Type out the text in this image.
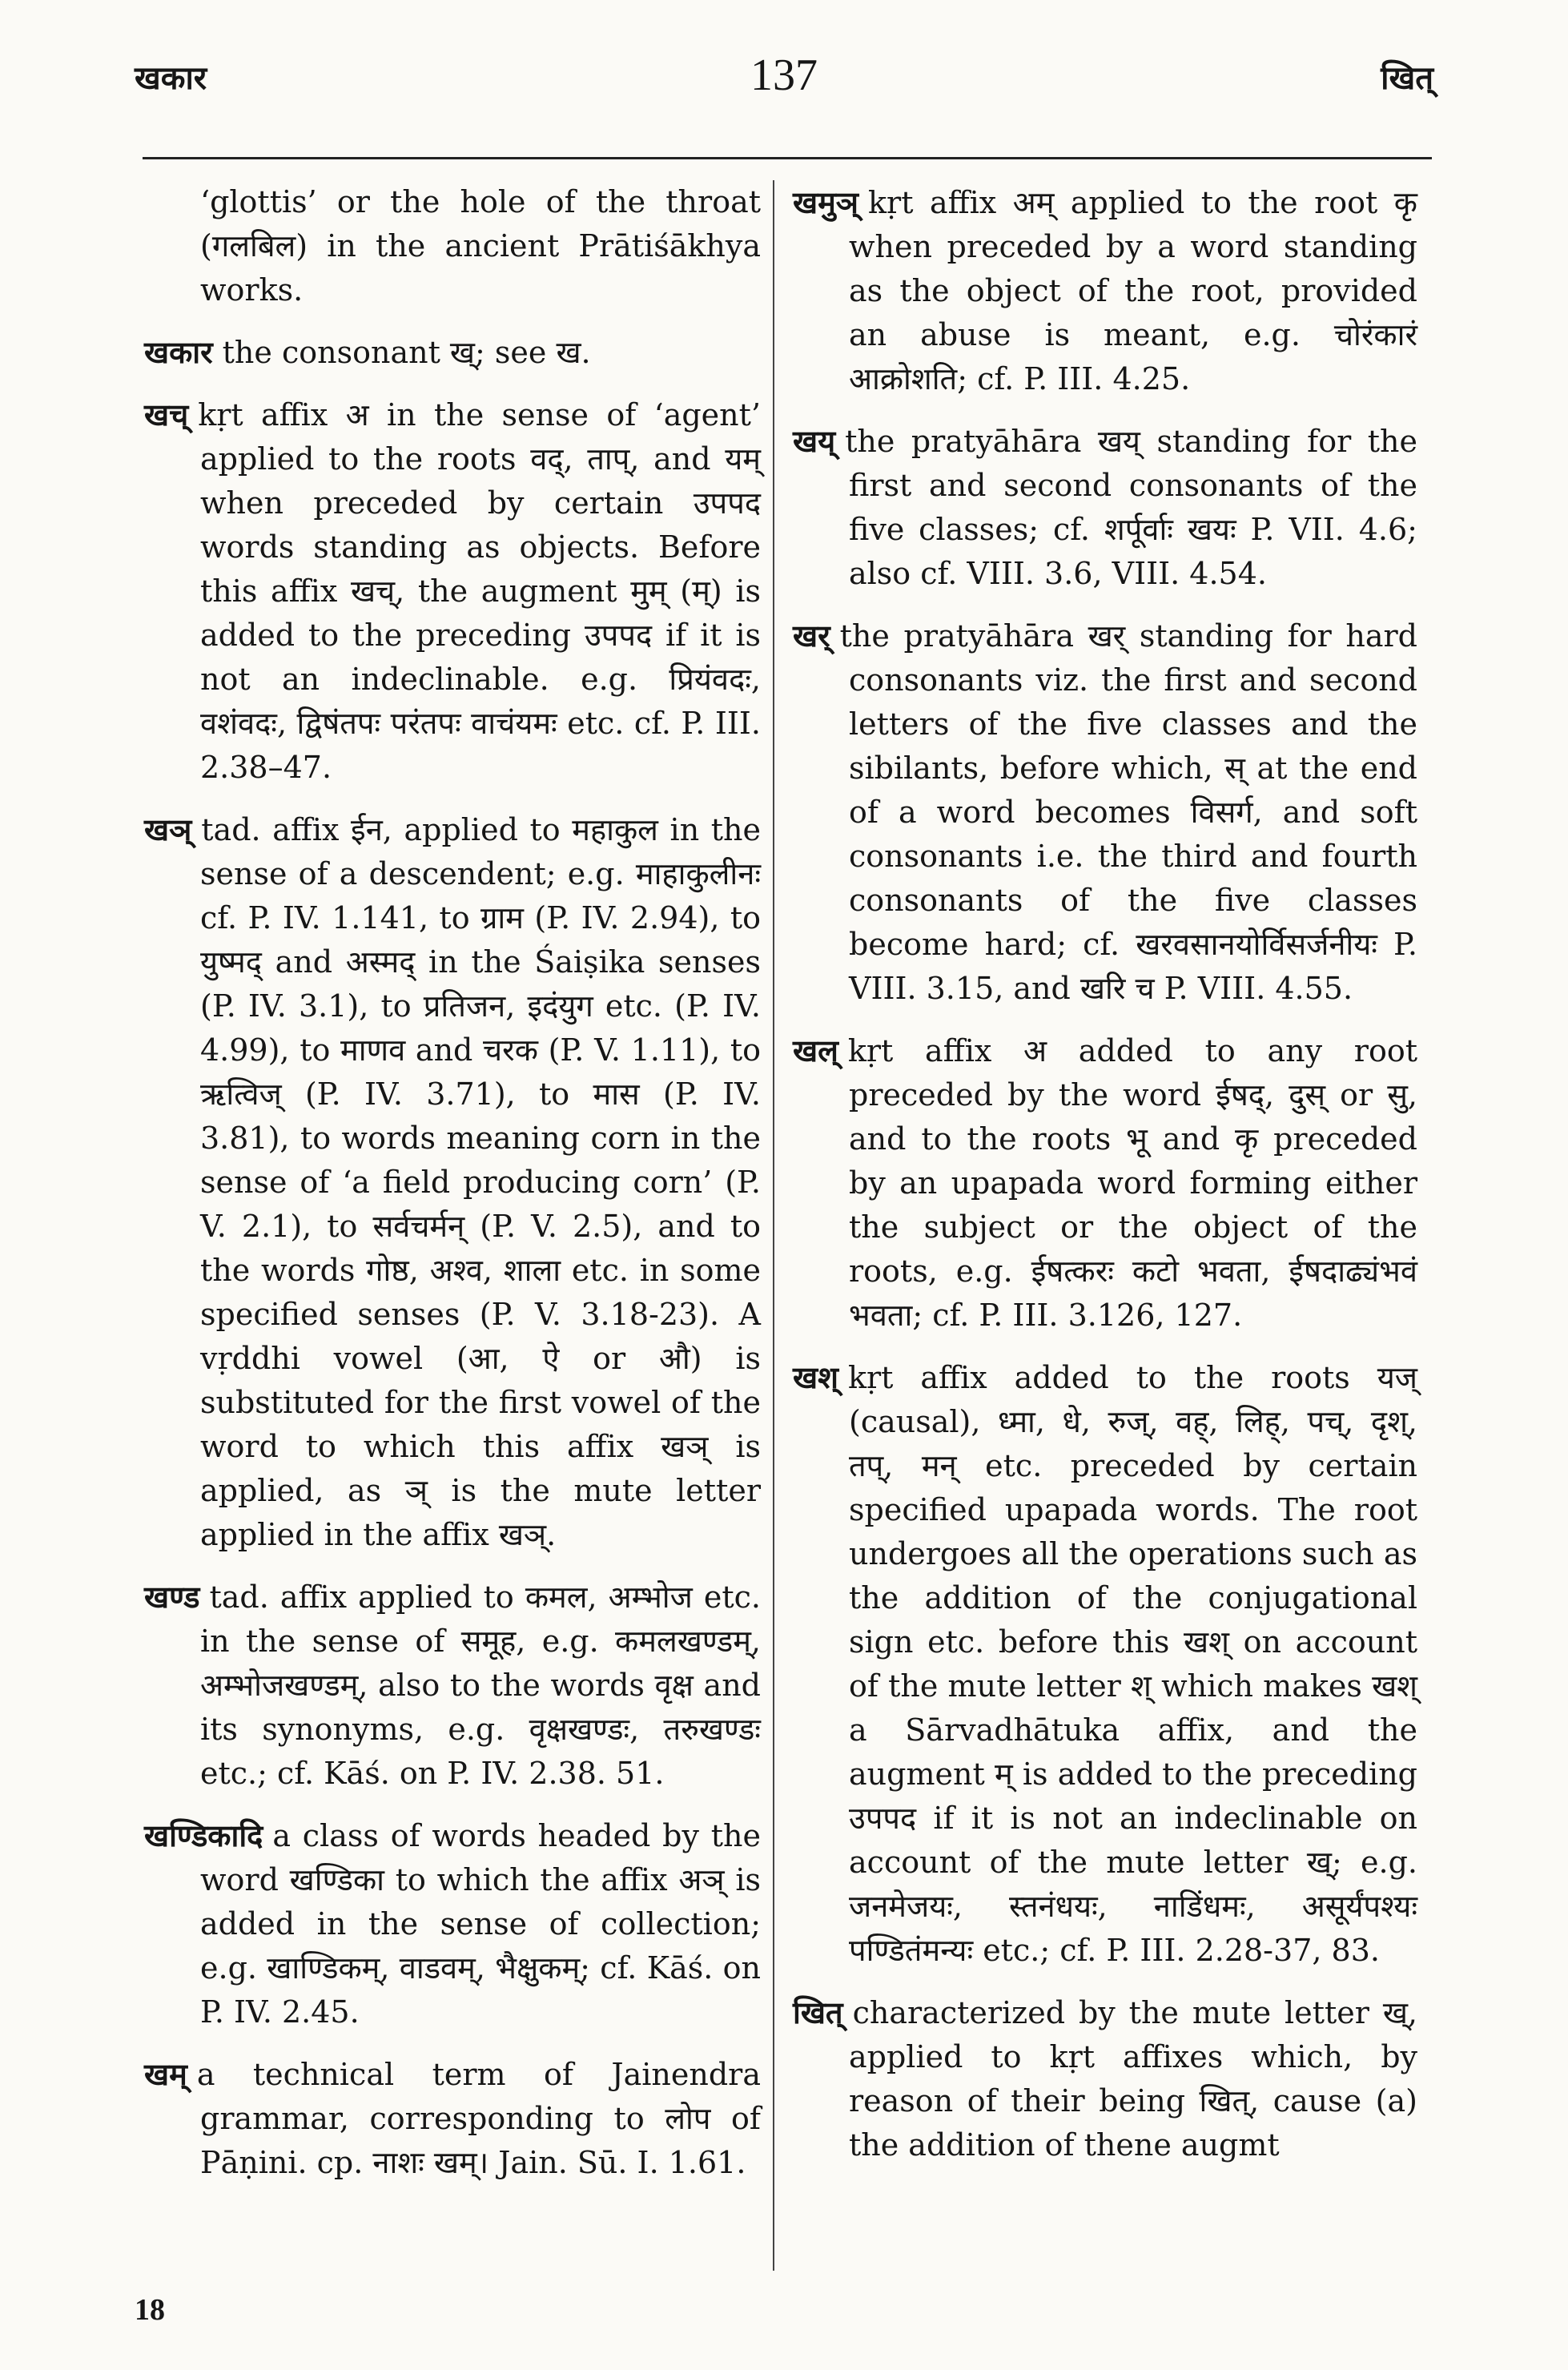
खकार	137	खित्

‘glottis’ or the hole of the throat (गलबिल) in the ancient Prātiśākhya works.

खकार the consonant ख्; see ख.

खच् kṛt affix अ in the sense of ‘agent’ applied to the roots वद्, ताप्, and यम् when preceded by certain उपपद words standing as objects. Before this affix खच्, the augment मुम् (म्) is added to the preceding उपपद if it is not an indeclinable. e.g. प्रियंवदः, वशंवदः, द्विषंतपः परंतपः वाचंयमः etc. cf. P. III. 2.38–47.

खञ् tad. affix ईन, applied to महाकुल in the sense of a descendent; e.g. माहाकुलीनः cf. P. IV. 1.141, to ग्राम (P. IV. 2.94), to युष्मद् and अस्मद् in the Śaiṣika senses (P. IV. 3.1), to प्रतिजन, इदंयुग etc. (P. IV. 4.99), to माणव and चरक (P. V. 1.11), to ऋत्विज् (P. IV. 3.71), to मास (P. IV. 3.81), to words meaning corn in the sense of ‘a field producing corn’ (P. V. 2.1), to सर्वचर्मन् (P. V. 2.5), and to the words गोष्ठ, अश्व, शाला etc. in some specified senses (P. V. 3.18-23). A vṛddhi vowel (आ, ऐ or औ) is substituted for the first vowel of the word to which this affix खञ् is applied, as ञ् is the mute letter applied in the affix खञ्.

खण्ड tad. affix applied to कमल, अम्भोज etc. in the sense of समूह, e.g. कमलखण्डम्, अम्भोजखण्डम्, also to the words वृक्ष and its synonyms, e.g. वृक्षखण्डः, तरुखण्डः etc.; cf. Kāś. on P. IV. 2.38. 51.

खण्डिकादि a class of words headed by the word खण्डिका to which the affix अञ् is added in the sense of collection; e.g. खाण्डिकम्, वाडवम्, भैक्षुकम्; cf. Kāś. on P. IV. 2.45.

खम् a technical term of Jainendra grammar, corresponding to लोप of Pāṇini. cp. नाशः खम्। Jain. Sū. I. 1.61.

खमुञ् kṛt affix अम् applied to the root कृ when preceded by a word standing as the object of the root, provided an abuse is meant, e.g. चोरंकारं आक्रोशति; cf. P. III. 4.25.

खय् the pratyāhāra खय् standing for the first and second consonants of the five classes; cf. शर्पूर्वाः खयः P. VII. 4.6; also cf. VIII. 3.6, VIII. 4.54.

खर् the pratyāhāra खर् standing for hard consonants viz. the first and second letters of the five classes and the sibilants, before which, स् at the end of a word becomes विसर्ग, and soft consonants i.e. the third and fourth consonants of the five classes become hard; cf. खरवसानयोर्विसर्जनीयः P. VIII. 3.15, and खरि च P. VIII. 4.55.

खल् kṛt affix अ added to any root preceded by the word ईषद्, दुस् or सु, and to the roots भू and कृ preceded by an upapada word forming either the subject or the object of the roots, e.g. ईषत्करः कटो भवता, ईषदाढ्यंभवं भवता; cf. P. III. 3.126, 127.

खश् kṛt affix added to the roots यज् (causal), ध्मा, धे, रुज्, वह्, लिह्, पच्, दृश्, तप्, मन् etc. preceded by certain specified upapada words. The root undergoes all the operations such as the addition of the conjugational sign etc. before this खश् on account of the mute letter श् which makes खश् a Sārvadhātuka affix, and the augment म् is added to the preceding उपपद if it is not an indeclinable on account of the mute letter ख्; e.g. जनमेजयः, स्तनंधयः, नाडिंधमः, असूर्यंपश्यः पण्डितंमन्यः etc.; cf. P. III. 2.28-37, 83.

खित् characterized by the mute letter ख्, applied to kṛt affixes which, by reason of their being खित्, cause (a) the addition of thene augmt

18
